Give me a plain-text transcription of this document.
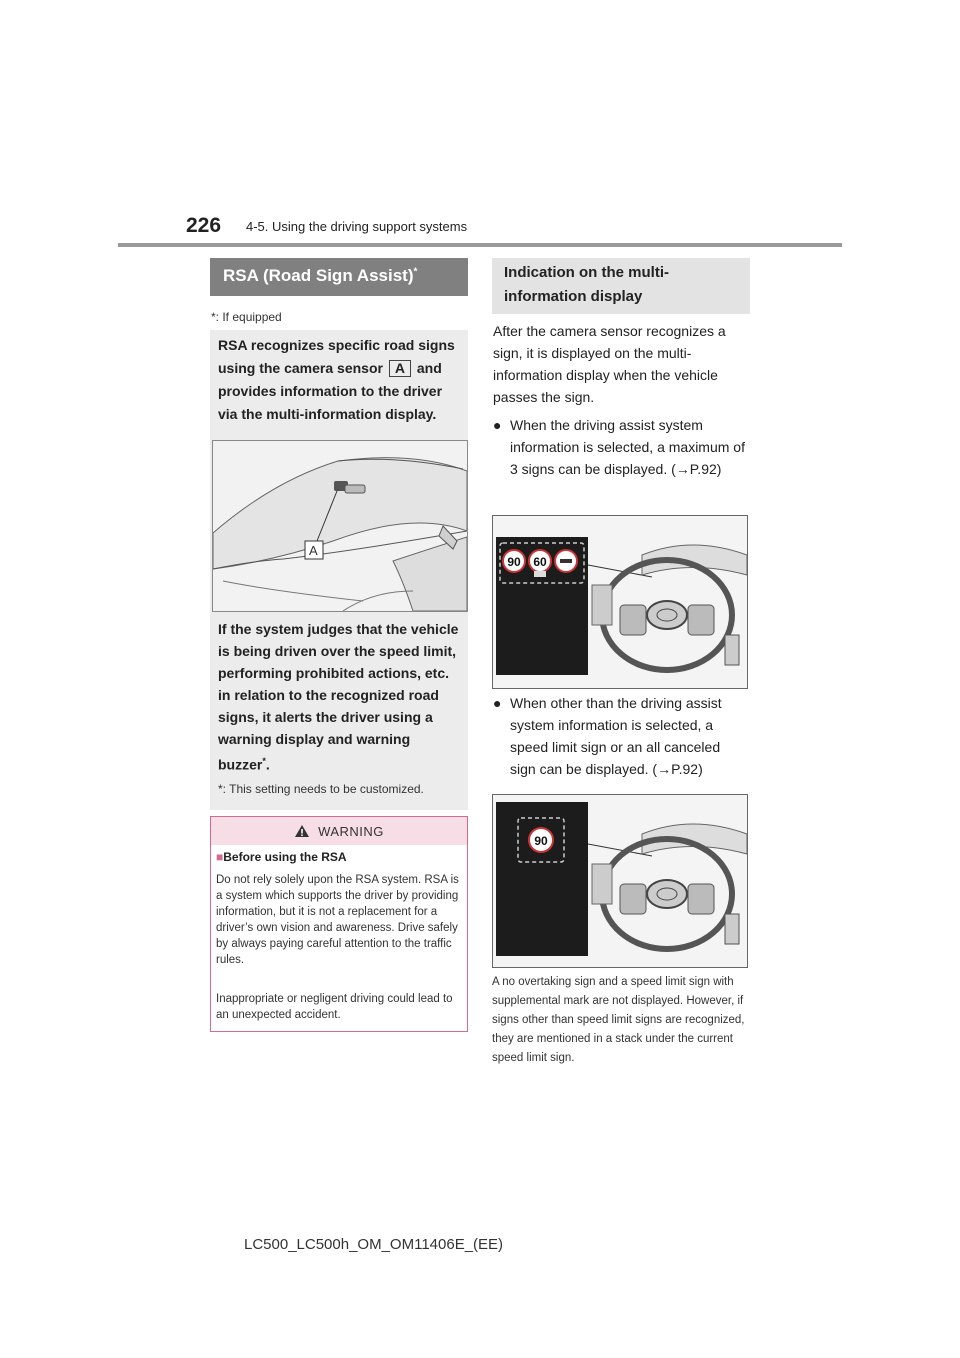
226 4-5. Using the driving support systems
RSA (Road Sign Assist)*
*: If equipped
RSA recognizes specific road signs using the camera sensor A and provides information to the driver via the multi-information display.
A
If the system judges that the vehicle is being driven over the speed limit, performing prohibited actions, etc. in relation to the recognized road signs, it alerts the driver using a warning display and warning buzzer*.
*: This setting needs to be customized.
WARNING
■Before using the RSA
Do not rely solely upon the RSA system. RSA is a system which supports the driver by providing information, but it is not a replacement for a driver’s own vision and awareness. Drive safely by always paying careful attention to the traffic rules.
Inappropriate or negligent driving could lead to an unexpected accident.
Indication on the multi-information display
After the camera sensor recognizes a sign, it is displayed on the multi-information display when the vehicle passes the sign.
● When the driving assist system information is selected, a maximum of 3 signs can be displayed. (→P.92)
90 60
● When other than the driving assist system information is selected, a speed limit sign or an all canceled sign can be displayed. (→P.92)
90
A no overtaking sign and a speed limit sign with supplemental mark are not displayed. However, if signs other than speed limit signs are recognized, they are mentioned in a stack under the current speed limit sign.
LC500_LC500h_OM_OM11406E_(EE)
